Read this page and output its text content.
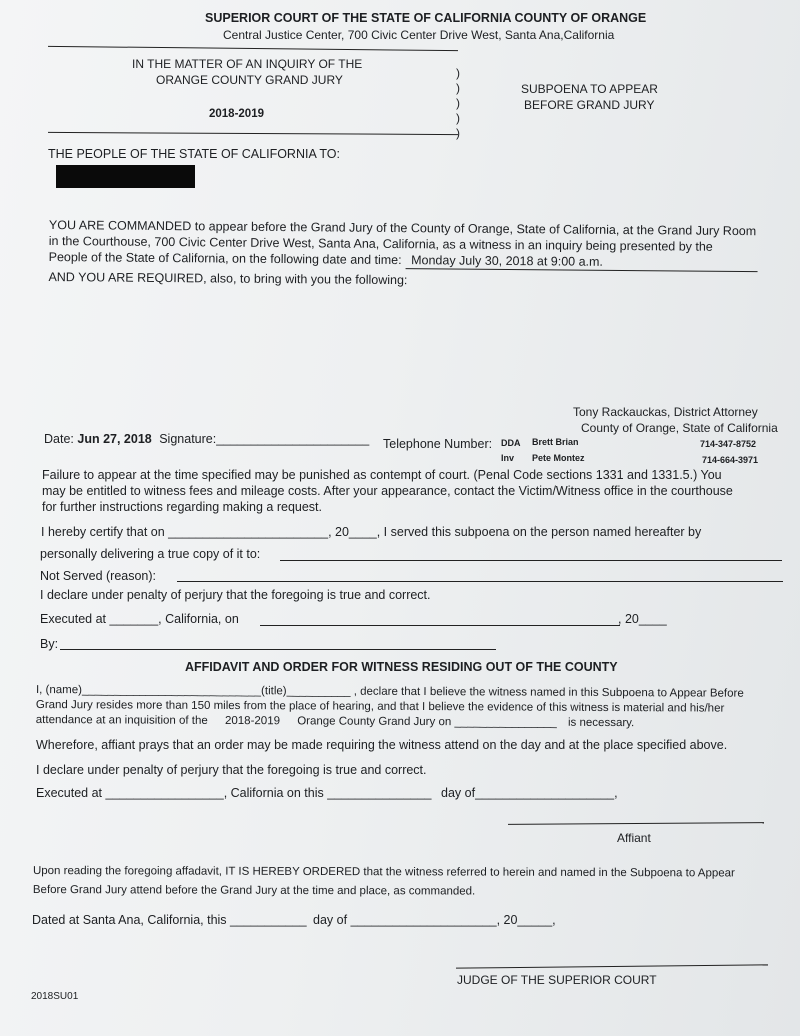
SUPERIOR COURT OF THE STATE OF CALIFORNIA COUNTY OF ORANGE
Central Justice Center, 700 Civic Center Drive West, Santa Ana,California
IN THE MATTER OF AN INQUIRY OF THE
ORANGE COUNTY GRAND JURY
2018-2019
)
)
)
)
)
SUBPOENA TO APPEAR
BEFORE GRAND JURY
THE PEOPLE OF THE STATE OF CALIFORNIA TO:
YOU ARE COMMANDED to appear before the Grand Jury of the County of Orange, State of California, at the Grand Jury Room
in the Courthouse, 700 Civic Center Drive West, Santa Ana, California, as a witness in an inquiry being presented by the
People of the State of California, on the following date and time: Monday July 30, 2018 at 9:00 a.m.
AND YOU ARE REQUIRED, also, to bring with you the following:
Tony Rackauckas, District Attorney
County of Orange, State of California
Date: Jun 27, 2018 Signature:______________________ Telephone Number: DDA Brett Brian	714-347-8752
Inv Pete Montez	714-664-3971
Failure to appear at the time specified may be punished as contempt of court. (Penal Code sections 1331 and 1331.5.) You
may be entitled to witness fees and mileage costs. After your appearance, contact the Victim/Witness office in the courthouse
for further instructions regarding making a request.
I hereby certify that on _______________________, 20____, I served this subpoena on the person named hereafter by
personally delivering a true copy of it to:
Not Served (reason):
I declare under penalty of perjury that the foregoing is true and correct.
Executed at _______, California, on	, 20____
By:
AFFIDAVIT AND ORDER FOR WITNESS RESIDING OUT OF THE COUNTY
I, (name)____________________________(title)__________ , declare that I believe the witness named in this Subpoena to Appear Before
Grand Jury resides more than 150 miles from the place of hearing, and that I believe the evidence of this witness is material and his/her
attendance at an inquisition of the 2018-2019 Orange County Grand Jury on ________________ is necessary.
Wherefore, affiant prays that an order may be made requiring the witness attend on the day and at the place specified above.
I declare under penalty of perjury that the foregoing is true and correct.
Executed at _________________, California on this _______________ day of____________________,
Affiant
Upon reading the foregoing affadavit, IT IS HEREBY ORDERED that the witness referred to herein and named in the Subpoena to Appear
Before Grand Jury attend before the Grand Jury at the time and place, as commanded.
Dated at Santa Ana, California, this ___________ day of _____________________, 20_____,
JUDGE OF THE SUPERIOR COURT
2018SU01
